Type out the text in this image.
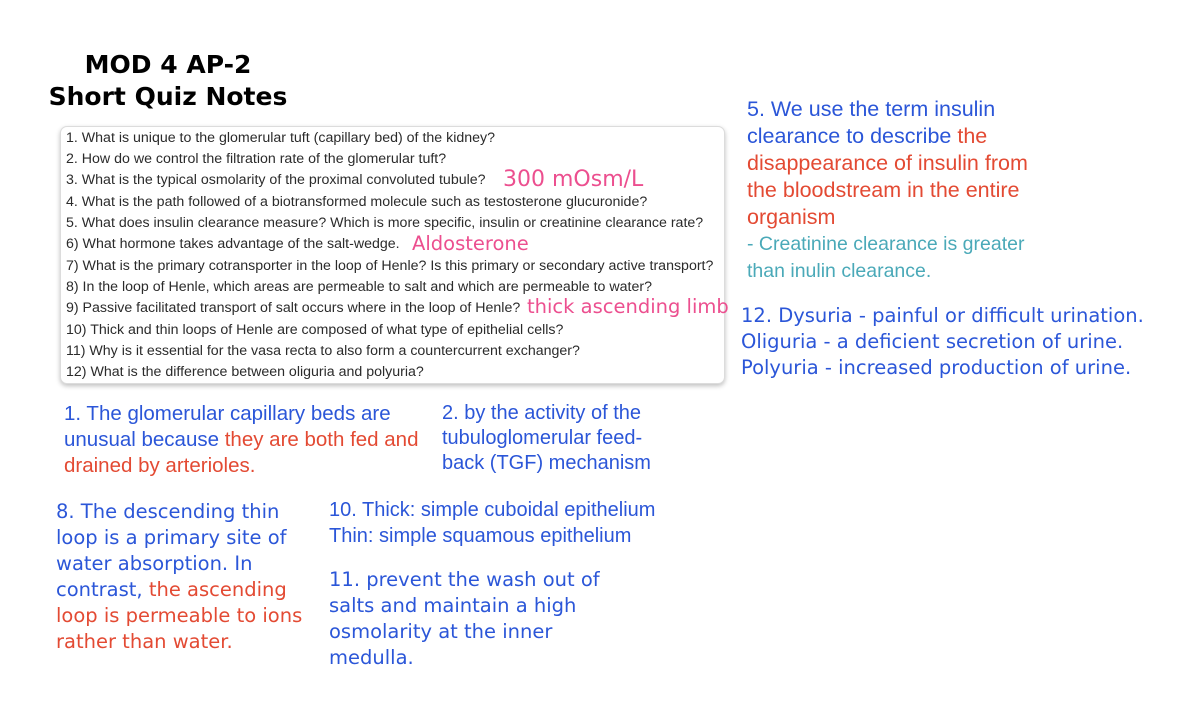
MOD 4 AP-2
Short Quiz Notes
1. What is unique to the glomerular tuft (capillary bed) of the kidney?
2. How do we control the filtration rate of the glomerular tuft?
3. What is the typical osmolarity of the proximal convoluted tubule?
4. What is the path followed of a biotransformed molecule such as testosterone glucuronide?
5. What does insulin clearance measure? Which is more specific, insulin or creatinine clearance rate?
6) What hormone takes advantage of the salt-wedge.
7) What is the primary cotransporter in the loop of Henle? Is this primary or secondary active transport?
8) In the loop of Henle, which areas are permeable to salt and which are permeable to water?
9) Passive facilitated transport of salt occurs where in the loop of Henle?
10) Thick and thin loops of Henle are composed of what type of epithelial cells?
11) Why is it essential for the vasa recta to also form a countercurrent exchanger?
12) What is the difference between oliguria and polyuria?
300 mOsm/L
Aldosterone
thick ascending limb
1. The glomerular capillary beds are unusual because they are both fed and drained by arterioles.
2. by the activity of the tubuloglomerular feed-back (TGF) mechanism
5. We use the term insulin clearance to describe the disappearance of insulin from the bloodstream in the entire organism
- Creatinine clearance is greater than inulin clearance.
8. The descending thin loop is a primary site of water absorption. In contrast, the ascending loop is permeable to ions rather than water.
10. Thick: simple cuboidal epithelium
Thin: simple squamous epithelium
11. prevent the wash out of salts and maintain a high osmolarity at the inner medulla.
12. Dysuria - painful or difficult urination.
Oliguria - a deficient secretion of urine.
Polyuria - increased production of urine.
